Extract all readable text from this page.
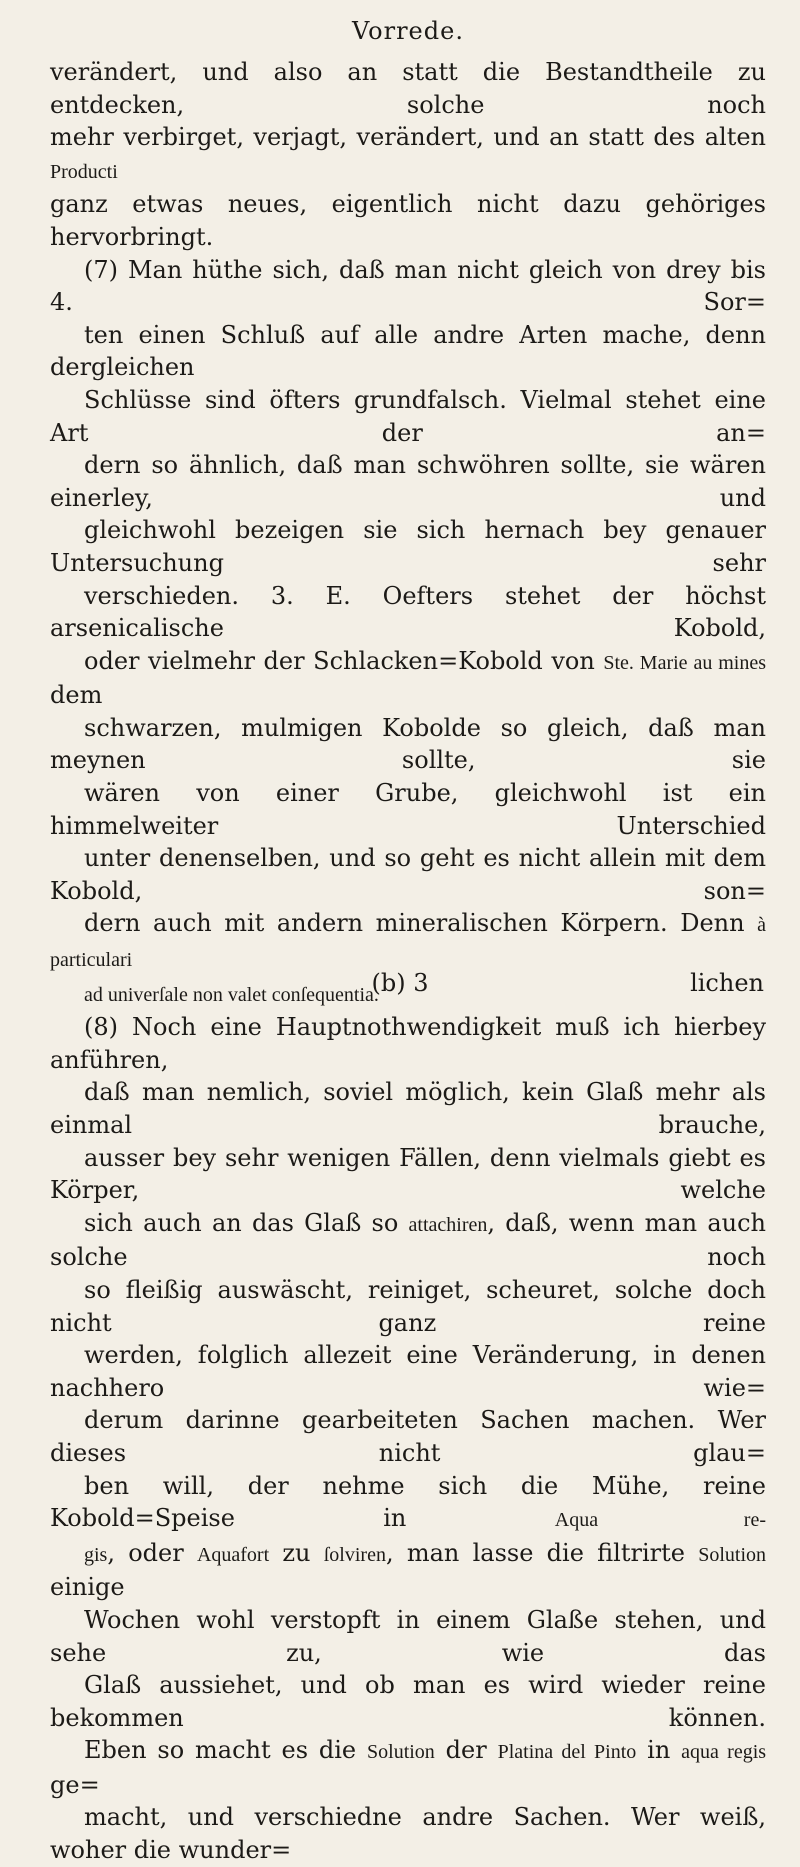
Vorrede.

verändert, und also an statt die Bestandtheile zu entdecken, solche noch
mehr verbirget, verjagt, verändert, und an statt des alten Producti
ganz etwas neues, eigentlich nicht dazu gehöriges hervorbringt.

(7) Man hüthe sich, daß man nicht gleich von drey bis 4. Sor=
ten einen Schluß auf alle andre Arten mache, denn dergleichen
Schlüsse sind öfters grundfalsch. Vielmal stehet eine Art der an=
dern so ähnlich, daß man schwöhren sollte, sie wären einerley, und
gleichwohl bezeigen sie sich hernach bey genauer Untersuchung sehr
verschieden. 3. E. Oefters stehet der höchst arsenicalische Kobold,
oder vielmehr der Schlacken=Kobold von Ste. Marie au mines dem
schwarzen, mulmigen Kobolde so gleich, daß man meynen sollte, sie
wären von einer Grube, gleichwohl ist ein himmelweiter Unterschied
unter denenselben, und so geht es nicht allein mit dem Kobold, son=
dern auch mit andern mineralischen Körpern. Denn à particulari
ad univerſale non valet conſequentia.

(8) Noch eine Hauptnothwendigkeit muß ich hierbey anführen,
daß man nemlich, soviel möglich, kein Glaß mehr als einmal brauche,
ausser bey sehr wenigen Fällen, denn vielmals giebt es Körper, welche
sich auch an das Glaß so attachiren, daß, wenn man auch solche noch
so fleißig auswäscht, reiniget, scheuret, solche doch nicht ganz reine
werden, folglich allezeit eine Veränderung, in denen nachhero wie=
derum darinne gearbeiteten Sachen machen. Wer dieses nicht glau=
ben will, der nehme sich die Mühe, reine Kobold=Speise in Aqua re-
gis, oder Aquafort zu ſolviren, man lasse die filtrirte Solution einige
Wochen wohl verstopft in einem Glaße stehen, und sehe zu, wie das
Glaß aussiehet, und ob man es wird wieder reine bekommen können.
Eben so macht es die Solution der Platina del Pinto in aqua regis ge=
macht, und verschiedne andre Sachen. Wer weiß, woher die wunder=

(b) 3	lichen
